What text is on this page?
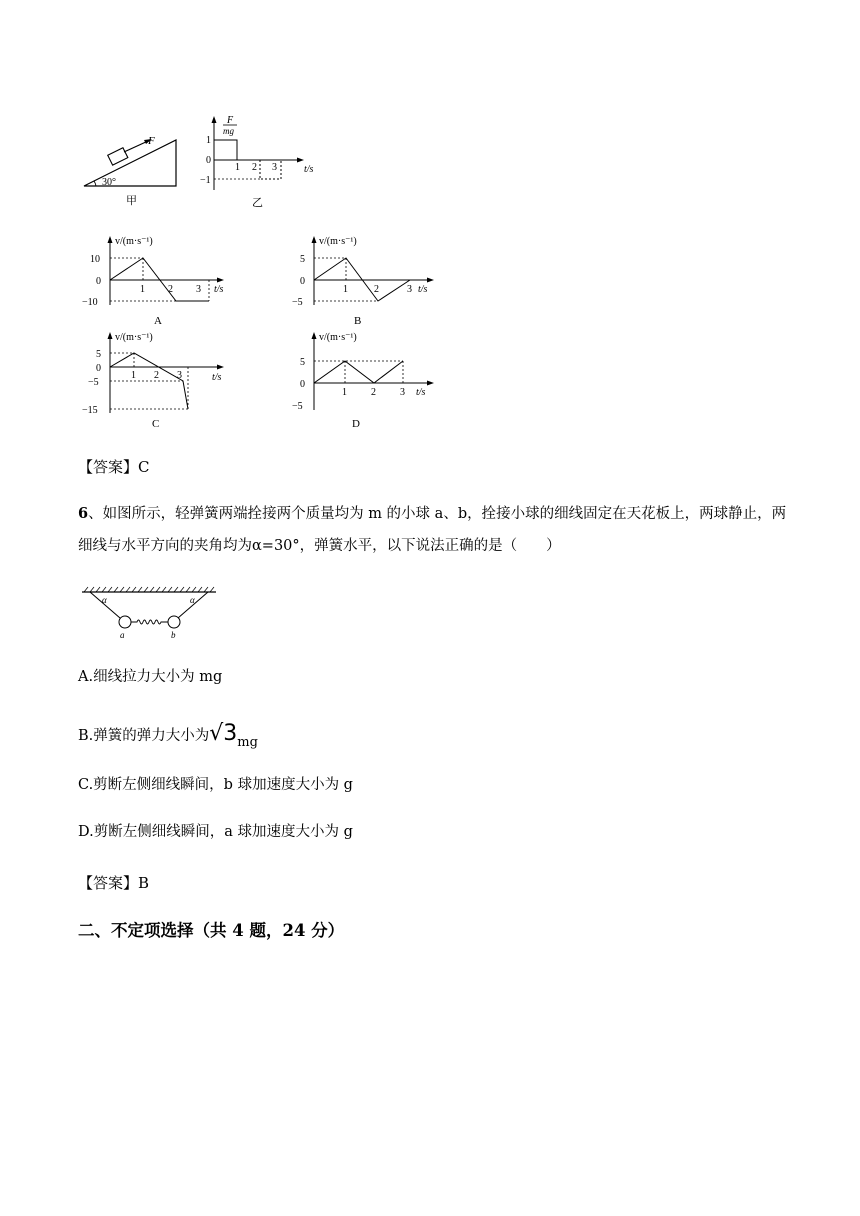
F
30°
甲
F
mg
t/s
1
0
−1
1 2 3
乙
v/(m·s⁻¹)
t/s
10
0
−10
1 2 3
A
v/(m·s⁻¹)
t/s
5
0
−5
1	2	3
B
v/(m·s⁻¹)
t/s
5
0
−5
−15
1 2 3
C
v/(m·s⁻¹)
t/s
5
0
−5
1 2 3
D
【答案】C
6、如图所示，轻弹簧两端拴接两个质量均为 m 的小球 a、b，拴接小球的细线固定在天花板上，两球静止，两细线与水平方向的夹角均为α=30°，弹簧水平，以下说法正确的是（　　）
α	α
a	b
A.细线拉力大小为 mg
B.弹簧的弹力大小为√3mg
C.剪断左侧细线瞬间，b 球加速度大小为 g
D.剪断左侧细线瞬间，a 球加速度大小为 g
【答案】B
二、不定项选择（共 4 题，24 分）
